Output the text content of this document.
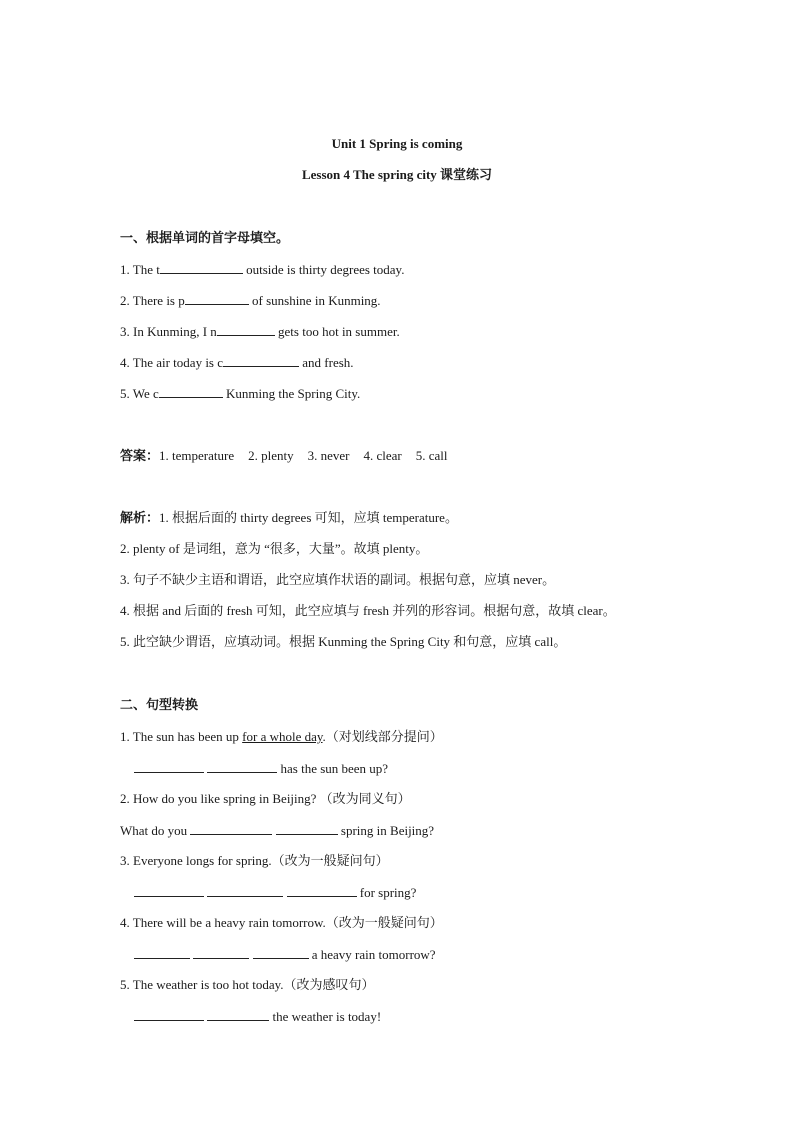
Unit 1 Spring is coming
Lesson 4 The spring city 课堂练习
一、根据单词的首字母填空。
1. The t	outside is thirty degrees today.
2. There is p	of sunshine in Kunming.
3. In Kunming, I n	gets too hot in summer.
4. The air today is c	and fresh.
5. We c	Kunming the Spring City.
答案：1. temperature 2. plenty 3. never 4. clear 5. call
解析：1. 根据后面的 thirty degrees 可知，应填 temperature。
2. plenty of 是词组，意为 “很多，大量”。故填 plenty。
3. 句子不缺少主语和谓语，此空应填作状语的副词。根据句意，应填 never。
4. 根据 and 后面的 fresh 可知，此空应填与 fresh 并列的形容词。根据句意，故填 clear。
5. 此空缺少谓语，应填动词。根据 Kunming the Spring City 和句意，应填 call。
二、句型转换
1. The sun has been up for a whole day.（对划线部分提问）
has the sun been up?
2. How do you like spring in Beijing? （改为同义句）
What do you	spring in Beijing?
3. Everyone longs for spring.（改为一般疑问句）
for spring?
4. There will be a heavy rain tomorrow.（改为一般疑问句）
a heavy rain tomorrow?
5. The weather is too hot today.（改为感叹句）
the weather is today!
